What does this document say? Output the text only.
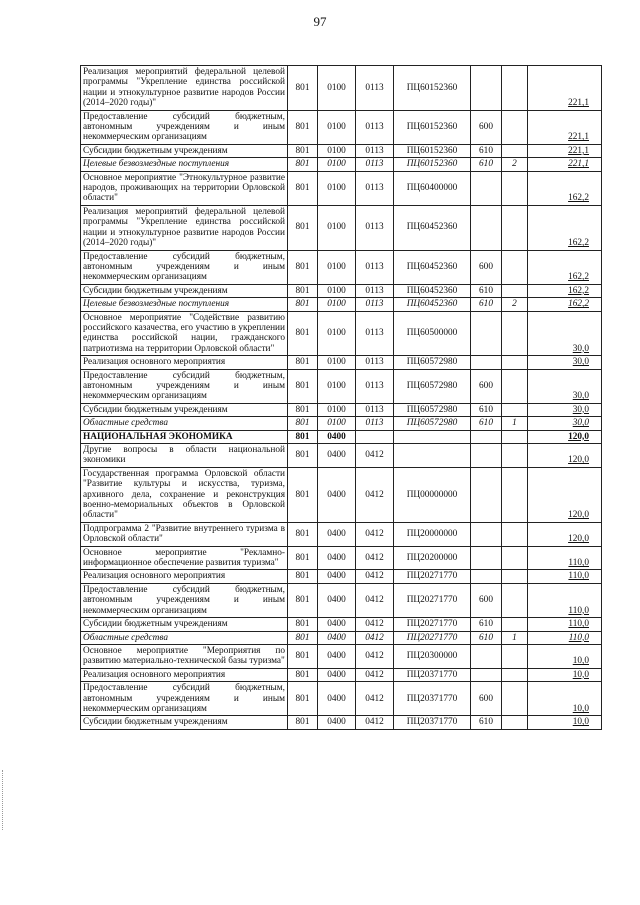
97
Реализация мероприятий федеральной целевой программы "Укрепление единства российской нации и этнокультурное развитие народов России (2014–2020 годы)"	801	0100	0113	ПЦ60152360			221,1
Предоставление субсидий бюджетным, автономным учреждениям и иным некоммерческим организациям	801	0100	0113	ПЦ60152360	600		221,1
Субсидии бюджетным учреждениям	801	0100	0113	ПЦ60152360	610		221,1
Целевые безвозмездные поступления	801	0100	0113	ПЦ60152360	610	2	221,1
Основное мероприятие "Этнокультурное развитие народов, проживающих на территории Орловской области"	801	0100	0113	ПЦ60400000			162,2
Реализация мероприятий федеральной целевой программы "Укрепление единства российской нации и этнокультурное развитие народов России (2014–2020 годы)"	801	0100	0113	ПЦ60452360			162,2
Предоставление субсидий бюджетным, автономным учреждениям и иным некоммерческим организациям	801	0100	0113	ПЦ60452360	600		162,2
Субсидии бюджетным учреждениям	801	0100	0113	ПЦ60452360	610		162,2
Целевые безвозмездные поступления	801	0100	0113	ПЦ60452360	610	2	162,2
Основное мероприятие "Содействие развитию российского казачества, его участию в укреплении единства российской нации, гражданского патриотизма на территории Орловской области"	801	0100	0113	ПЦ60500000			30,0
Реализация основного мероприятия	801	0100	0113	ПЦ60572980			30,0
Предоставление субсидий бюджетным, автономным учреждениям и иным некоммерческим организациям	801	0100	0113	ПЦ60572980	600		30,0
Субсидии бюджетным учреждениям	801	0100	0113	ПЦ60572980	610		30,0
Областные средства	801	0100	0113	ПЦ60572980	610	1	30,0
НАЦИОНАЛЬНАЯ ЭКОНОМИКА	801	0400					120,0
Другие вопросы в области национальной экономики	801	0400	0412				120,0
Государственная программа Орловской области "Развитие культуры и искусства, туризма, архивного дела, сохранение и реконструкция военно-мемориальных объектов в Орловской области"	801	0400	0412	ПЦ00000000			120,0
Подпрограмма 2 "Развитие внутреннего туризма в Орловской области"	801	0400	0412	ПЦ20000000			120,0
Основное мероприятие "Рекламно-информационное обеспечение развития туризма"	801	0400	0412	ПЦ20200000			110,0
Реализация основного мероприятия	801	0400	0412	ПЦ20271770			110,0
Предоставление субсидий бюджетным, автономным учреждениям и иным некоммерческим организациям	801	0400	0412	ПЦ20271770	600		110,0
Субсидии бюджетным учреждениям	801	0400	0412	ПЦ20271770	610		110,0
Областные средства	801	0400	0412	ПЦ20271770	610	1	110,0
Основное мероприятие "Мероприятия по развитию материально-технической базы туризма"	801	0400	0412	ПЦ20300000			10,0
Реализация основного мероприятия	801	0400	0412	ПЦ20371770			10,0
Предоставление субсидий бюджетным, автономным учреждениям и иным некоммерческим организациям	801	0400	0412	ПЦ20371770	600		10,0
Субсидии бюджетным учреждениям	801	0400	0412	ПЦ20371770	610		10,0
